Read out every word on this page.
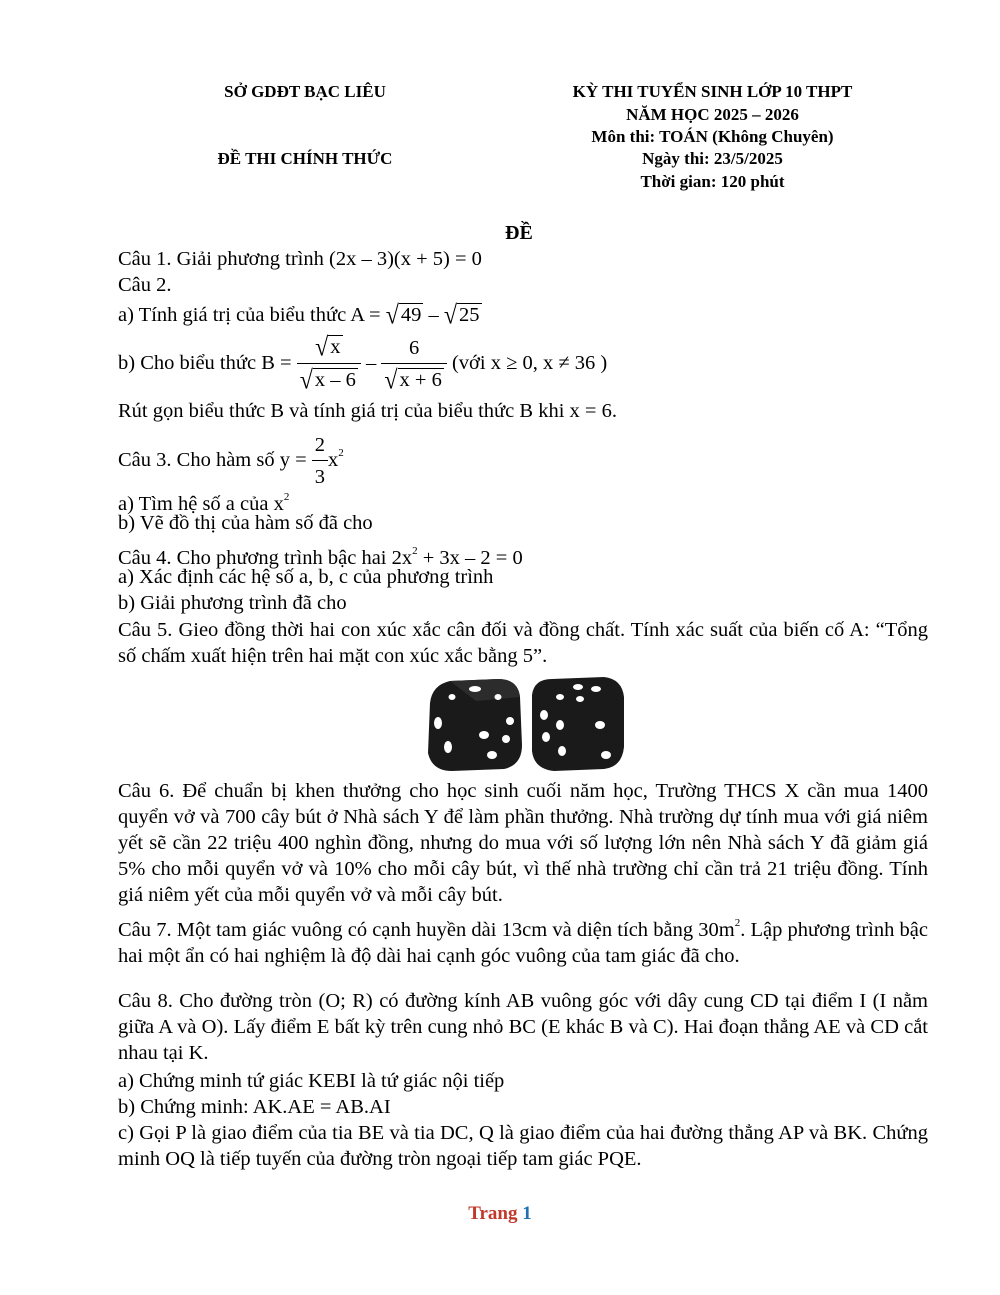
SỞ GDĐT BẠC LIÊU
ĐỀ THI CHÍNH THỨC
KỲ THI TUYỂN SINH LỚP 10 THPT
NĂM HỌC 2025 – 2026
Môn thi: TOÁN (Không Chuyên)
Ngày thi: 23/5/2025
Thời gian: 120 phút
ĐỀ
Câu 1. Giải phương trình (2x – 3)(x + 5) = 0
Câu 2.
a) Tính giá trị của biểu thức A = √49 – √25
b) Cho biểu thức $B = \frac{√x}{√x - 6} - \frac{6}{√x + 6}$ (với x ≥ 0, x ≠ 36 )
Rút gọn biểu thức B và tính giá trị của biểu thức B khi x = 6.
Câu 3. Cho hàm số $y = \frac{2}{3} x^2$
a) Tìm hệ số a của $x^2$
b) Vẽ đồ thị của hàm số đã cho
Câu 4. Cho phương trình bậc hai $2x^2 + 3x - 2 = 0$
a) Xác định các hệ số a, b, c của phương trình
b) Giải phương trình đã cho
Câu 5. Gieo đồng thời hai con xúc xắc cân đối và đồng chất. Tính xác suất của biến cố A: “Tổng số chấm xuất hiện trên hai mặt con xúc xắc bằng 5”.
Câu 6. Để chuẩn bị khen thưởng cho học sinh cuối năm học, Trường THCS X cần mua 1400 quyển vở và 700 cây bút ở Nhà sách Y để làm phần thưởng. Nhà trường dự tính mua với giá niêm yết sẽ cần 22 triệu 400 nghìn đồng, nhưng do mua với số lượng lớn nên Nhà sách Y đã giảm giá 5% cho mỗi quyển vở và 10% cho mỗi cây bút, vì thế nhà trường chỉ cần trả 21 triệu đồng. Tính giá niêm yết của mỗi quyển vở và mỗi cây bút.
Câu 7. Một tam giác vuông có cạnh huyền dài 13cm và diện tích bằng $30m^2$. Lập phương trình bậc hai một ẩn có hai nghiệm là độ dài hai cạnh góc vuông của tam giác đã cho.
Câu 8. Cho đường tròn (O; R) có đường kính AB vuông góc với dây cung CD tại điểm I (I nằm giữa A và O). Lấy điểm E bất kỳ trên cung nhỏ BC (E khác B và C). Hai đoạn thẳng AE và CD cắt nhau tại K.
a) Chứng minh tứ giác KEBI là tứ giác nội tiếp
b) Chứng minh: AK.AE = AB.AI
c) Gọi P là giao điểm của tia BE và tia DC, Q là giao điểm của hai đường thẳng AP và BK. Chứng minh OQ là tiếp tuyến của đường tròn ngoại tiếp tam giác PQE.
Trang 1
